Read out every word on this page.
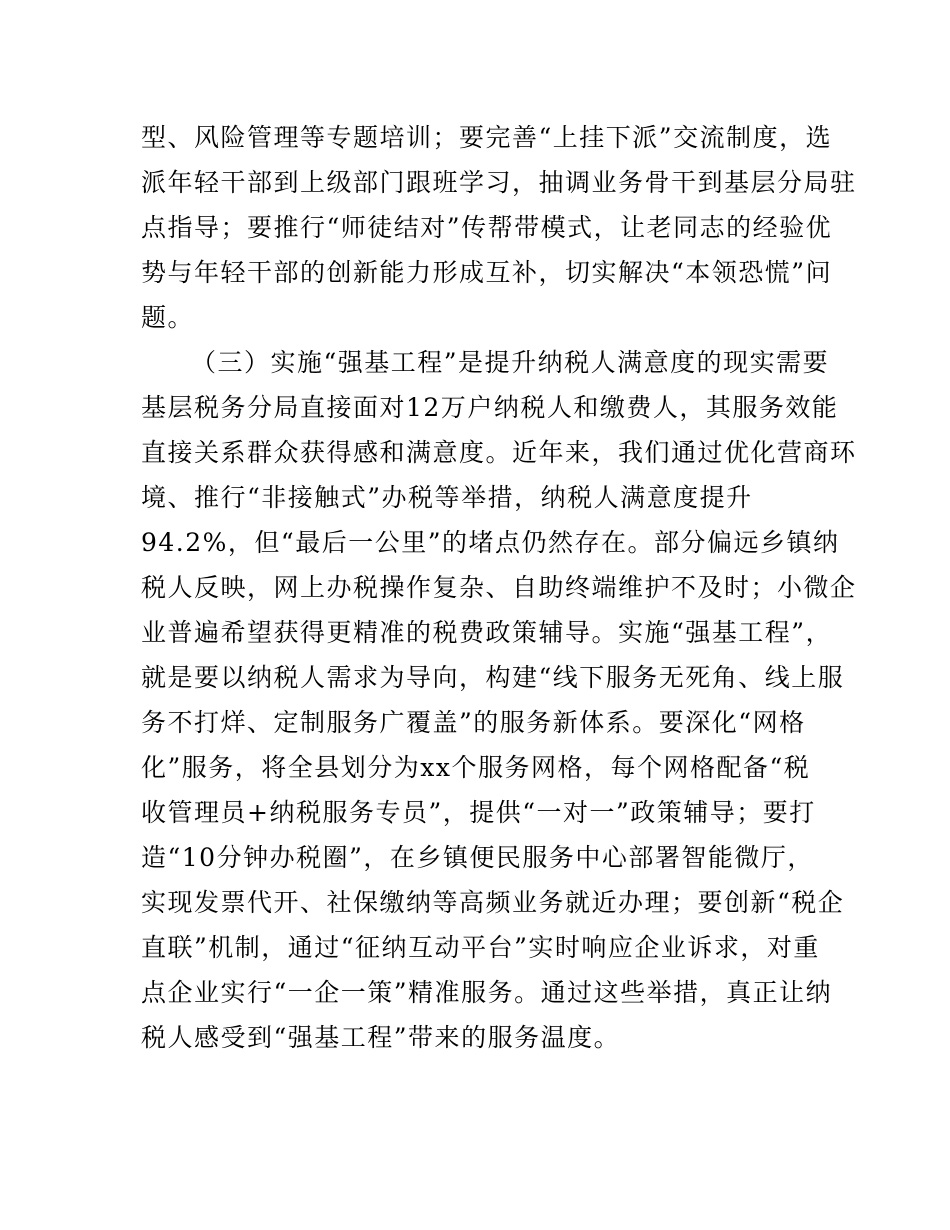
型、风险管理等专题培训；要完善“上挂下派”交流制度，选
派年轻干部到上级部门跟班学习，抽调业务骨干到基层分局驻
点指导；要推行“师徒结对”传帮带模式，让老同志的经验优
势与年轻干部的创新能力形成互补，切实解决“本领恐慌”问
题。
（三）实施“强基工程”是提升纳税人满意度的现实需要
基层税务分局直接面对12万户纳税人和缴费人，其服务效能
直接关系群众获得感和满意度。近年来，我们通过优化营商环
境、推行“非接触式”办税等举措，纳税人满意度提升
94.2%，但“最后一公里”的堵点仍然存在。部分偏远乡镇纳
税人反映，网上办税操作复杂、自助终端维护不及时；小微企
业普遍希望获得更精准的税费政策辅导。实施“强基工程”，
就是要以纳税人需求为导向，构建“线下服务无死角、线上服
务不打烊、定制服务广覆盖”的服务新体系。要深化“网格
化”服务，将全县划分为xx个服务网格，每个网格配备“税
收管理员+纳税服务专员”，提供“一对一”政策辅导；要打
造“10分钟办税圈”，在乡镇便民服务中心部署智能微厅，
实现发票代开、社保缴纳等高频业务就近办理；要创新“税企
直联”机制，通过“征纳互动平台”实时响应企业诉求，对重
点企业实行“一企一策”精准服务。通过这些举措，真正让纳
税人感受到“强基工程”带来的服务温度。
